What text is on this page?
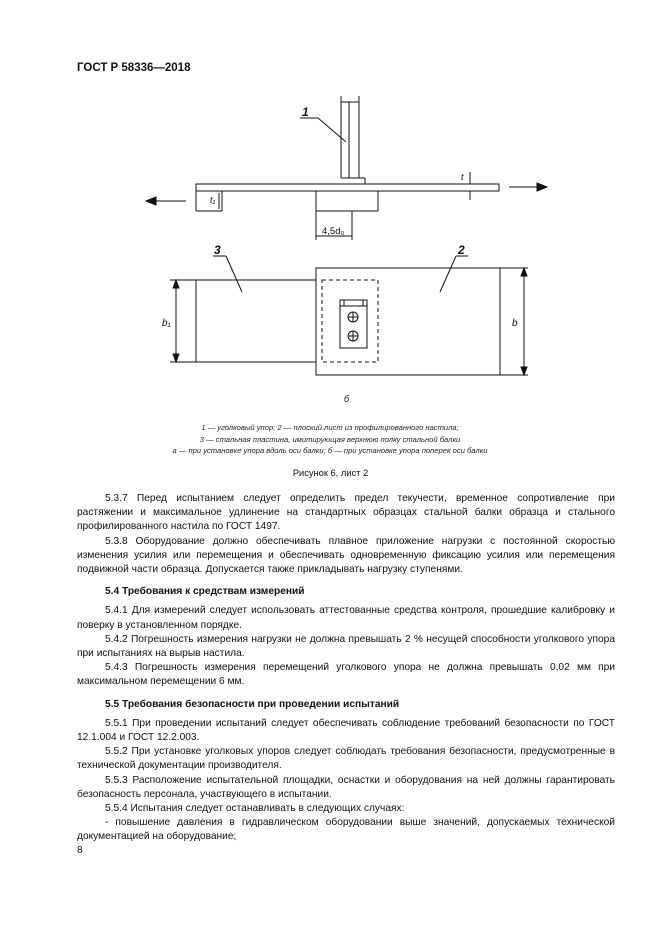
ГОСТ Р 58336—2018
1
3	2
4,5d₀
t₁
t
b₁	b
б
1 — уголковый упор; 2 — плоский лист из профилированного настила;
3 — стальная пластина, имитирующая верхнюю полку стальной балки
а — при установке упора вдоль оси балки; б — при установке упора поперек оси балки
Рисунок 6, лист 2

5.3.7 Перед испытанием следует определить предел текучести, временное сопротивление при растяжении и максимальное удлинение на стандартных образцах стальной балки образца и стального профилированного настила по ГОСТ 1497.

5.3.8 Оборудование должно обеспечивать плавное приложение нагрузки с постоянной скоростью изменения усилия или перемещения и обеспечивать одновременную фиксацию усилия или перемещения подвижной части образца. Допускается также прикладывать нагрузку ступенями.

5.4 Требования к средствам измерений

5.4.1 Для измерений следует использовать аттестованные средства контроля, прошедшие калибровку и поверку в установленном порядке.

5.4.2 Погрешность измерения нагрузки не должна превышать 2 % несущей способности уголкового упора при испытаниях на вырыв настила.

5.4.3 Погрешность измерения перемещений уголкового упора не должна превышать 0,02 мм при максимальном перемещении 6 мм.

5.5 Требования безопасности при проведении испытаний

5.5.1 При проведении испытаний следует обеспечивать соблюдение требований безопасности по ГОСТ 12.1.004 и ГОСТ 12.2.003.

5.5.2 При установке уголковых упоров следует соблюдать требования безопасности, предусмотренные в технической документации производителя.

5.5.3 Расположение испытательной площадки, оснастки и оборудования на ней должны гарантировать безопасность персонала, участвующего в испытании.

5.5.4 Испытания следует останавливать в следующих случаях:

- повышение давления в гидравлическом оборудовании выше значений, допускаемых технической документацией на оборудование;

8
